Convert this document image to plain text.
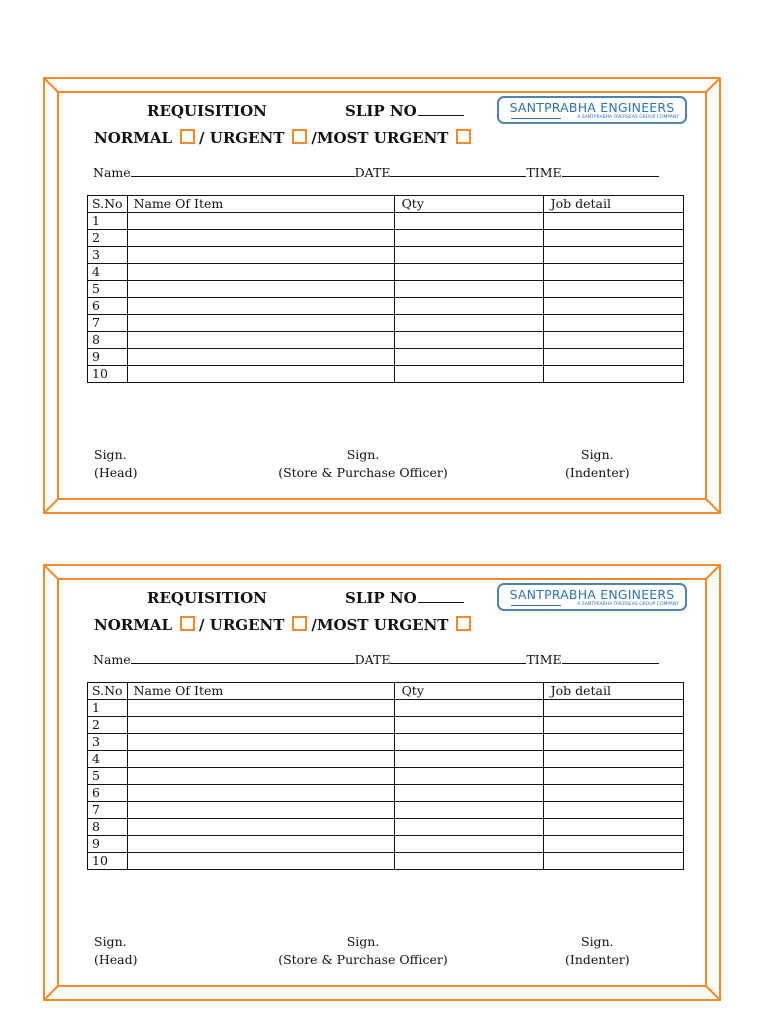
REQUISITION	SLIP NO
NORMAL / URGENT /MOST URGENT
SANTPRABHA ENGINEERS
A SANTPRABHA OVERSEAS GROUP COMPANY
Name	DATE	TIME
S.No	Name Of Item	Qty	Job detail
1			
2			
3			
4			
5			
6			
7			
8			
9			
10			
Sign.
(Head)
Sign.
(Store & Purchase Officer)
Sign.
(Indenter)
REQUISITION	SLIP NO
NORMAL / URGENT /MOST URGENT
SANTPRABHA ENGINEERS
A SANTPRABHA OVERSEAS GROUP COMPANY
Name	DATE	TIME
S.No	Name Of Item	Qty	Job detail
1			
2			
3			
4			
5			
6			
7			
8			
9			
10			
Sign.
(Head)
Sign.
(Store & Purchase Officer)
Sign.
(Indenter)
